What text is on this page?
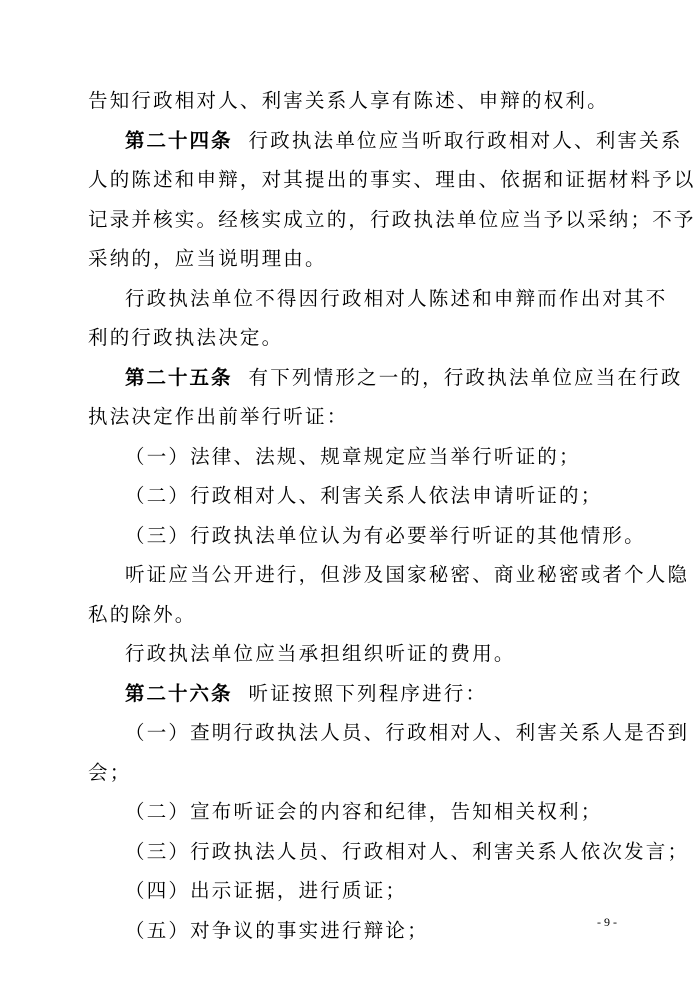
告知行政相对人、利害关系人享有陈述、申辩的权利。
第二十四条 行政执法单位应当听取行政相对人、利害关系
人的陈述和申辩，对其提出的事实、理由、依据和证据材料予以
记录并核实。经核实成立的，行政执法单位应当予以采纳；不予
采纳的，应当说明理由。
行政执法单位不得因行政相对人陈述和申辩而作出对其不
利的行政执法决定。
第二十五条 有下列情形之一的，行政执法单位应当在行政
执法决定作出前举行听证：
（一）法律、法规、规章规定应当举行听证的；
（二）行政相对人、利害关系人依法申请听证的；
（三）行政执法单位认为有必要举行听证的其他情形。
听证应当公开进行，但涉及国家秘密、商业秘密或者个人隐
私的除外。
行政执法单位应当承担组织听证的费用。
第二十六条 听证按照下列程序进行：
（一）查明行政执法人员、行政相对人、利害关系人是否到
会；
（二）宣布听证会的内容和纪律，告知相关权利；
（三）行政执法人员、行政相对人、利害关系人依次发言；
（四）出示证据，进行质证；
（五）对争议的事实进行辩论；	- 9 -
